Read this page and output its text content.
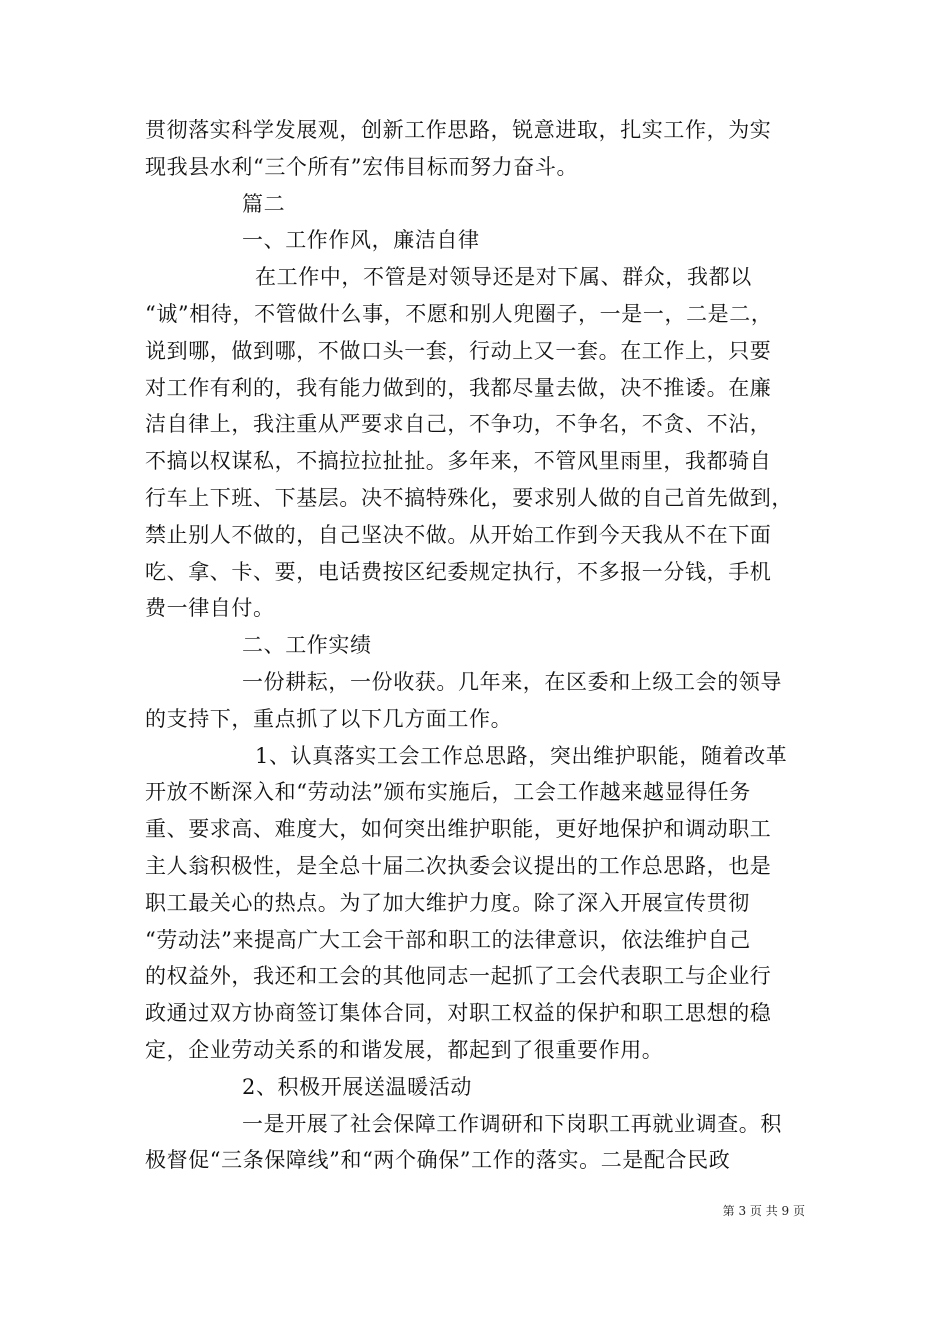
贯彻落实科学发展观，创新工作思路，锐意进取，扎实工作，为实
现我县水利“三个所有”宏伟目标而努力奋斗。
篇二
一、工作作风，廉洁自律
在工作中，不管是对领导还是对下属、群众，我都以
“诚”相待，不管做什么事，不愿和别人兜圈子，一是一，二是二，
说到哪，做到哪，不做口头一套，行动上又一套。在工作上，只要
对工作有利的，我有能力做到的，我都尽量去做，决不推诿。在廉
洁自律上，我注重从严要求自己，不争功，不争名，不贪、不沾，
不搞以权谋私，不搞拉拉扯扯。多年来，不管风里雨里，我都骑自
行车上下班、下基层。决不搞特殊化，要求别人做的自己首先做到，
禁止别人不做的，自己坚决不做。从开始工作到今天我从不在下面
吃、拿、卡、要，电话费按区纪委规定执行，不多报一分钱，手机
费一律自付。
二、工作实绩
一份耕耘，一份收获。几年来，在区委和上级工会的领导
的支持下，重点抓了以下几方面工作。
1、认真落实工会工作总思路，突出维护职能，随着改革
开放不断深入和“劳动法”颁布实施后，工会工作越来越显得任务
重、要求高、难度大，如何突出维护职能，更好地保护和调动职工
主人翁积极性，是全总十届二次执委会议提出的工作总思路，也是
职工最关心的热点。为了加大维护力度。除了深入开展宣传贯彻
“劳动法”来提高广大工会干部和职工的法律意识，依法维护自己
的权益外，我还和工会的其他同志一起抓了工会代表职工与企业行
政通过双方协商签订集体合同，对职工权益的保护和职工思想的稳
定，企业劳动关系的和谐发展，都起到了很重要作用。
2、积极开展送温暖活动
一是开展了社会保障工作调研和下岗职工再就业调查。积
极督促“三条保障线”和“两个确保”工作的落实。二是配合民政
第 3 页 共 9 页
